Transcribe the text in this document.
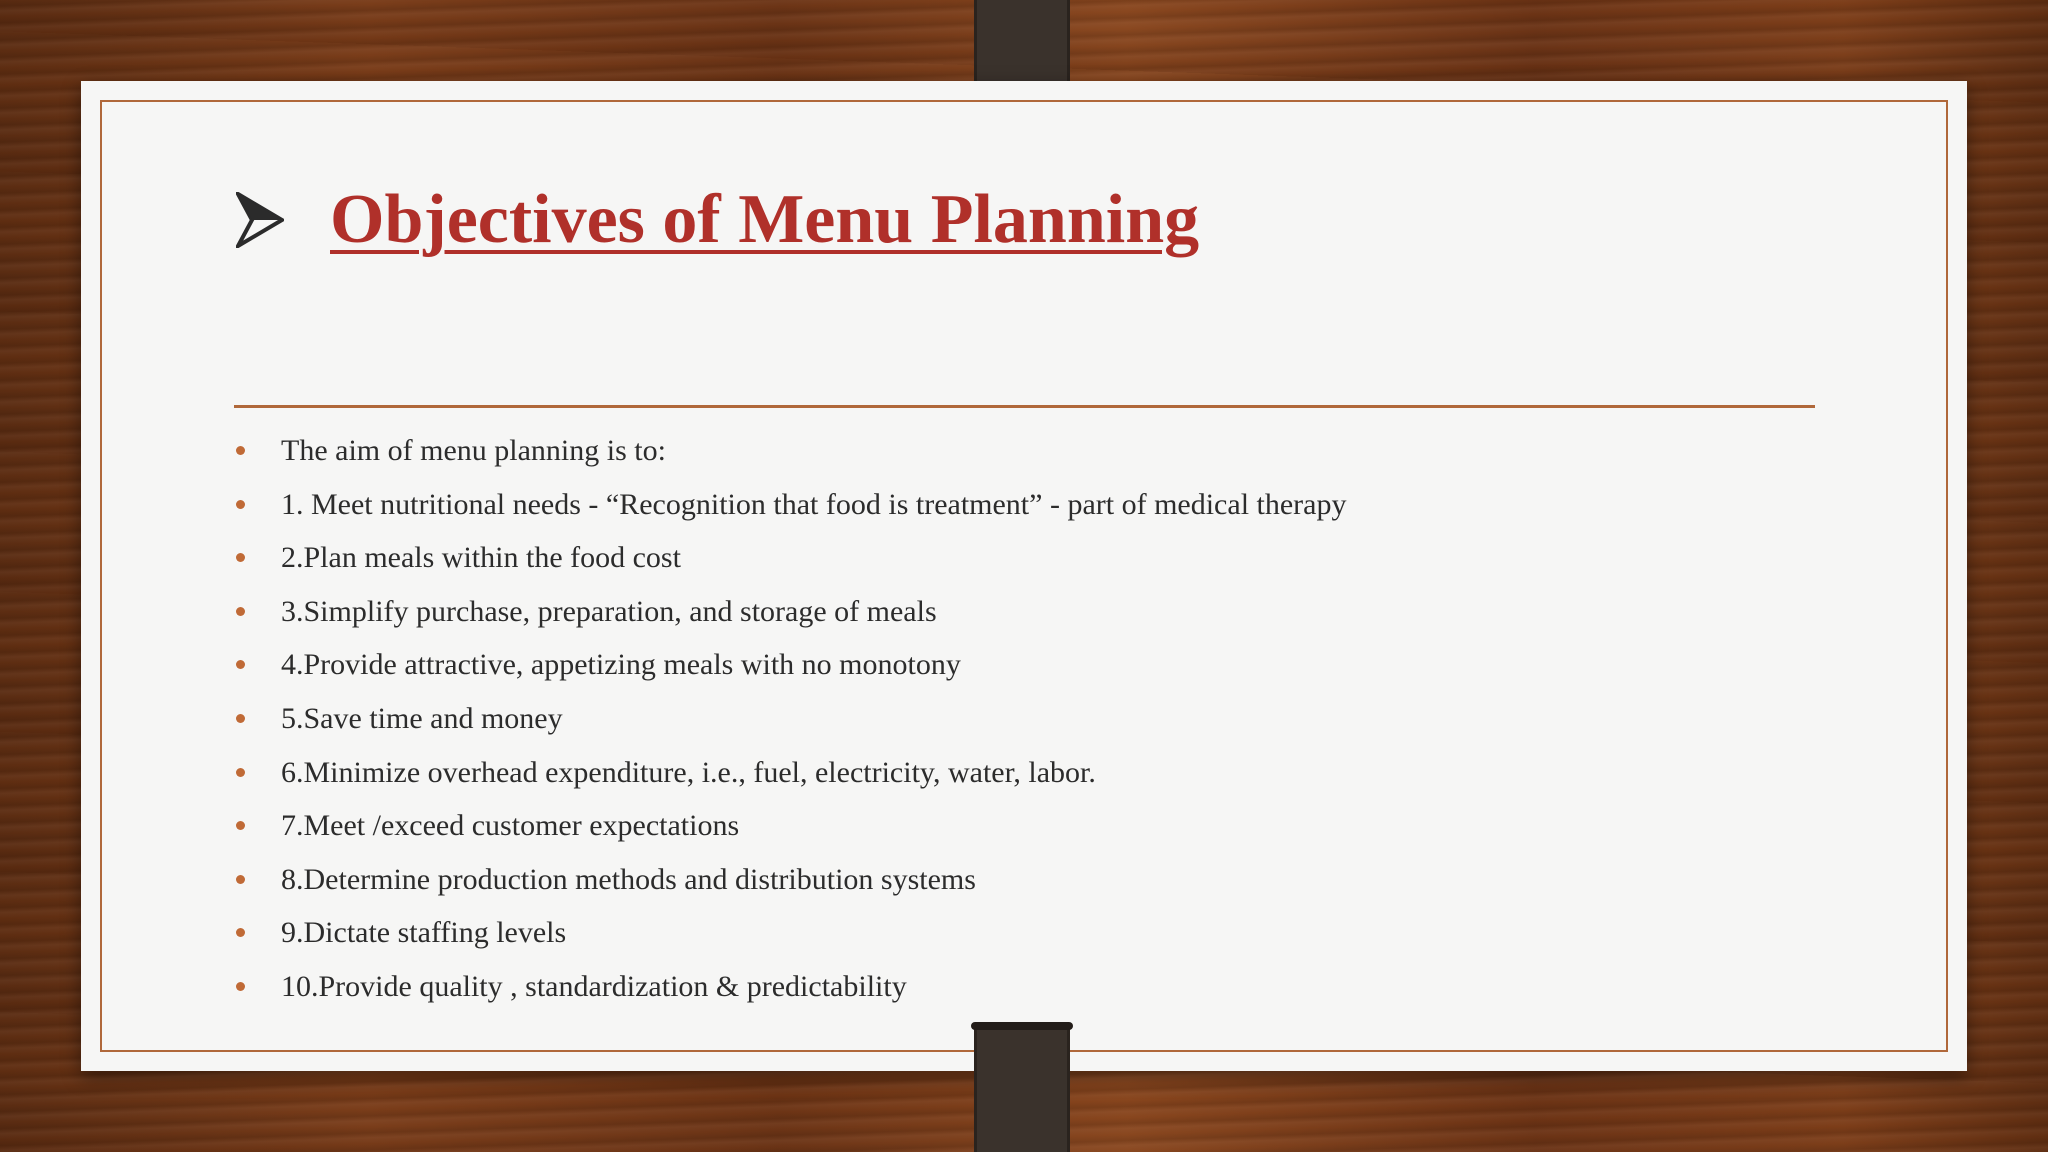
Objectives of Menu Planning
The aim of menu planning is to:
1. Meet nutritional needs - “Recognition that food is treatment” - part of medical therapy
2.Plan meals within the food cost
3.Simplify purchase, preparation, and storage of meals
4.Provide attractive, appetizing meals with no monotony
5.Save time and money
6.Minimize overhead expenditure, i.e., fuel, electricity, water, labor.
7.Meet /exceed customer expectations
8.Determine production methods and distribution systems
9.Dictate staffing levels
10.Provide quality , standardization & predictability
